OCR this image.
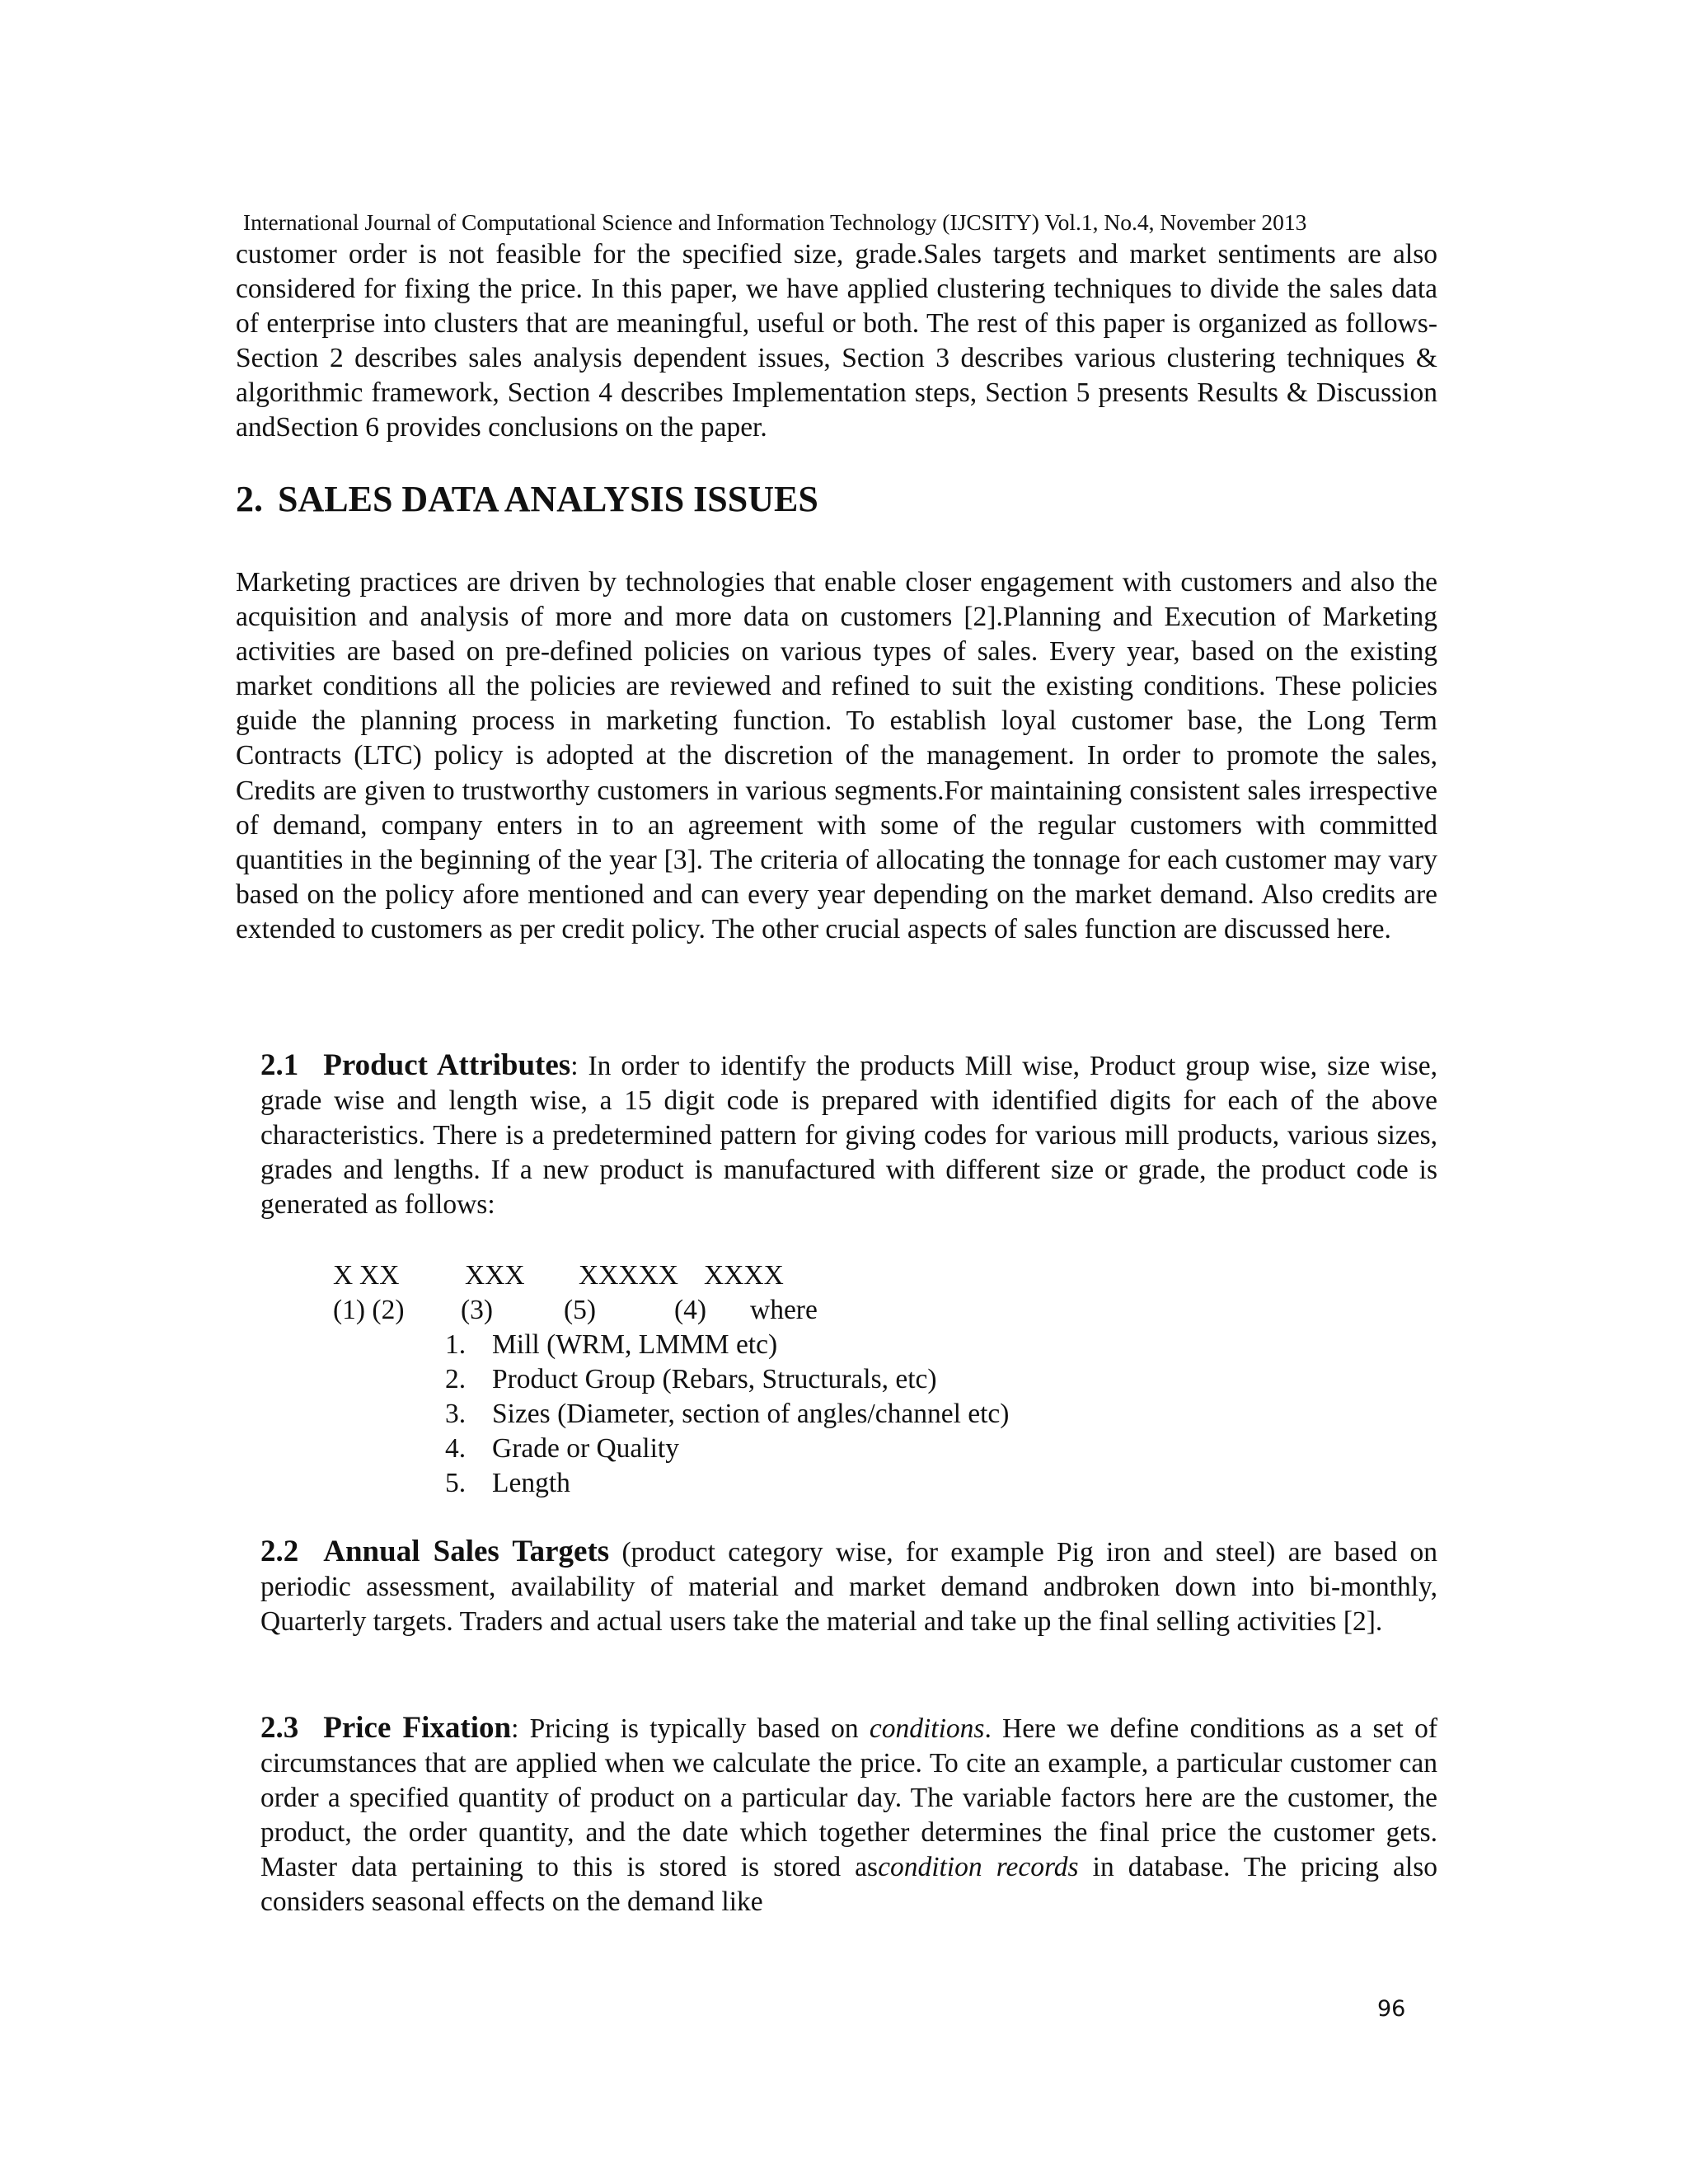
International Journal of Computational Science and Information Technology (IJCSITY) Vol.1, No.4, November 2013

customer order is not feasible for the specified size, grade.Sales targets and market sentiments are also considered for fixing the price. In this paper, we have applied clustering techniques to divide the sales data of enterprise into clusters that are meaningful, useful or both. The rest of this paper is organized as follows- Section 2 describes sales analysis dependent issues, Section 3 describes various clustering techniques & algorithmic framework, Section 4 describes Implementation steps, Section 5 presents Results & Discussion andSection 6 provides conclusions on the paper.

2. SALES DATA ANALYSIS ISSUES

Marketing practices are driven by technologies that enable closer engagement with customers and also the acquisition and analysis of more and more data on customers [2].Planning and Execution of Marketing activities are based on pre-defined policies on various types of sales. Every year, based on the existing market conditions all the policies are reviewed and refined to suit the existing conditions. These policies guide the planning process in marketing function. To establish loyal customer base, the Long Term Contracts (LTC) policy is adopted at the discretion of the management. In order to promote the sales, Credits are given to trustworthy customers in various segments.For maintaining consistent sales irrespective of demand, company enters in to an agreement with some of the regular customers with committed quantities in the beginning of the year [3]. The criteria of allocating the tonnage for each customer may vary based on the policy afore mentioned and can every year depending on the market demand. Also credits are extended to customers as per credit policy. The other crucial aspects of sales function are discussed here.

2.1 Product Attributes: In order to identify the products Mill wise, Product group wise, size wise, grade wise and length wise, a 15 digit code is prepared with identified digits for each of the above characteristics. There is a predetermined pattern for giving codes for various mill products, various sizes, grades and lengths. If a new product is manufactured with different size or grade, the product code is generated as follows:

X XX XXX XXXXX XXXX
(1) (2) (3)	(5)	(4) where
1. Mill (WRM, LMMM etc)
2. Product Group (Rebars, Structurals, etc)
3. Sizes (Diameter, section of angles/channel etc)
4. Grade or Quality
5. Length

2.2 Annual Sales Targets (product category wise, for example Pig iron and steel) are based on periodic assessment, availability of material and market demand andbroken down into bi-monthly, Quarterly targets. Traders and actual users take the material and take up the final selling activities [2].

2.3 Price Fixation: Pricing is typically based on conditions. Here we define conditions as a set of circumstances that are applied when we calculate the price. To cite an example, a particular customer can order a specified quantity of product on a particular day. The variable factors here are the customer, the product, the order quantity, and the date which together determines the final price the customer gets. Master data pertaining to this is stored is stored ascondition records in database. The pricing also considers seasonal effects on the demand like

96
